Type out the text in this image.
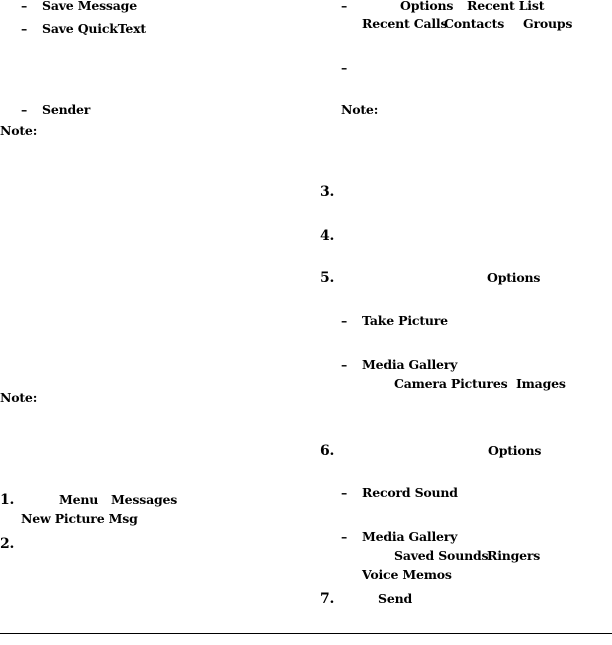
– Save Message
– Save QuickText
– Sender
Note:
Note:
1.	Menu Messages
New Picture Msg
2.
–	Options Recent List
Recent Calls
Contacts Groups
–
Note:
3.
4.
5.	Options
– Take Picture
– Media Gallery
Camera Pictures Images
6.	Options
– Record Sound
– Media Gallery
Saved Sounds
Ringers
Voice Memos
7.	Send
